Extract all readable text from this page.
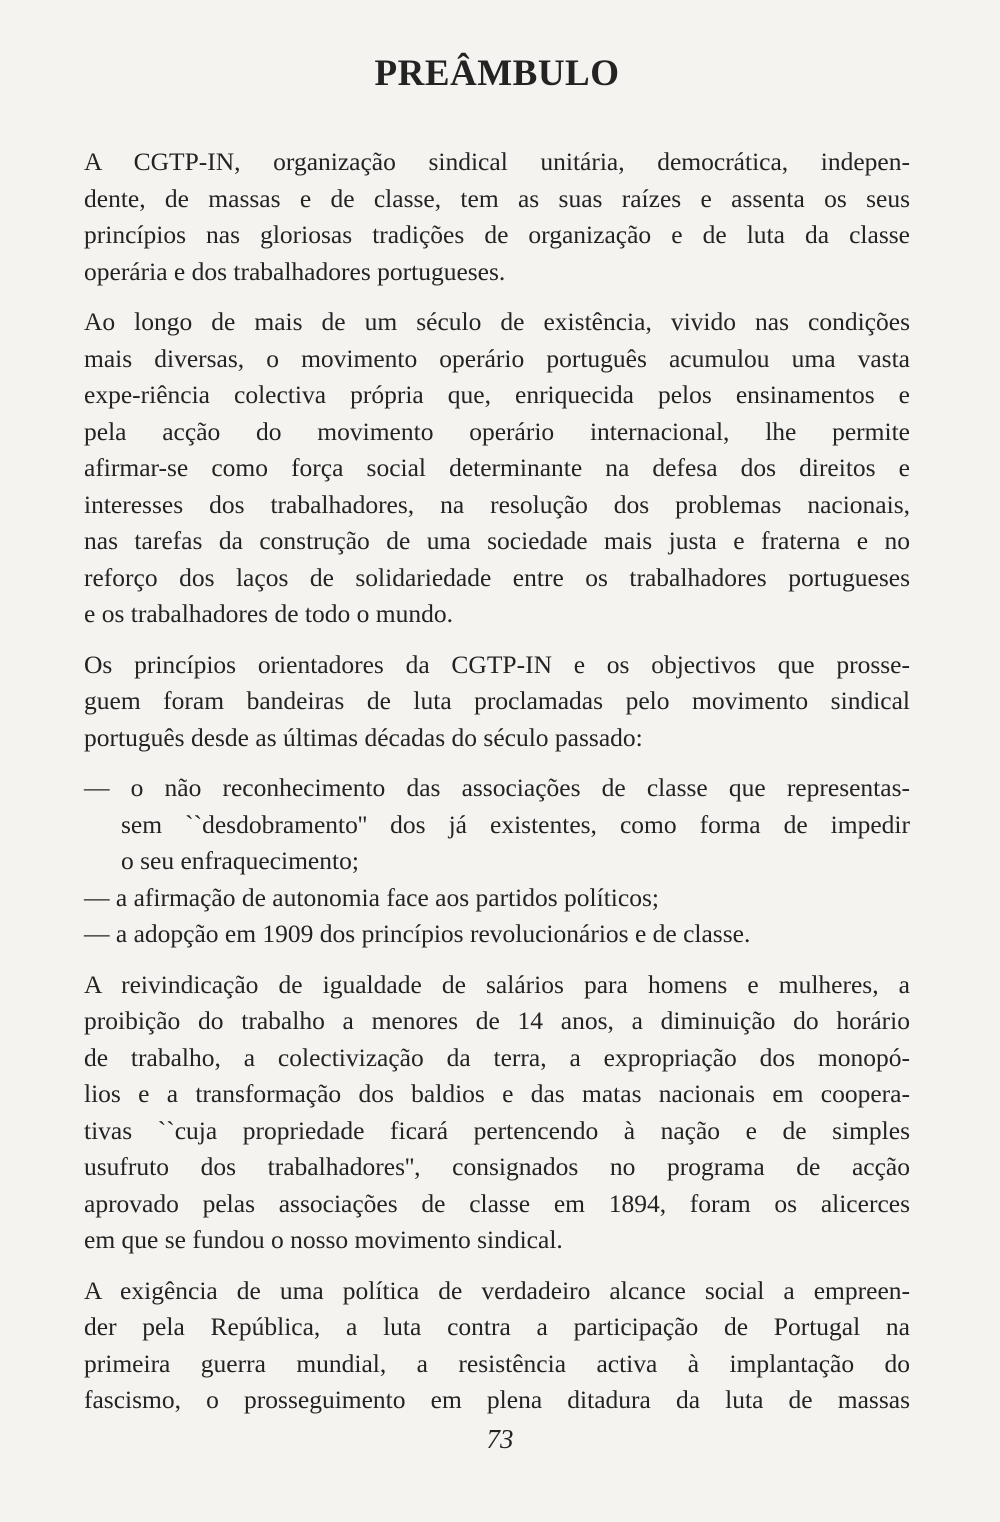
PREÂMBULO
A CGTP-IN, organização sindical unitária, democrática, indepen-
dente, de massas e de classe, tem as suas raízes e assenta os seus
princípios nas gloriosas tradições de organização e de luta da classe
operária e dos trabalhadores portugueses.
Ao longo de mais de um século de existência, vivido nas condições
mais diversas, o movimento operário português acumulou uma vasta
expe-riência colectiva própria que, enriquecida pelos ensinamentos e
pela acção do movimento operário internacional, lhe permite
afirmar-se como força social determinante na defesa dos direitos e
interesses dos trabalhadores, na resolução dos problemas nacionais,
nas tarefas da construção de uma sociedade mais justa e fraterna e no
reforço dos laços de solidariedade entre os trabalhadores portugueses
e os trabalhadores de todo o mundo.
Os princípios orientadores da CGTP-IN e os objectivos que prosse-
guem foram bandeiras de luta proclamadas pelo movimento sindical
português desde as últimas décadas do século passado:
— o não reconhecimento das associações de classe que representas-
sem ``desdobramento'' dos já existentes, como forma de impedir
o seu enfraquecimento;
— a afirmação de autonomia face aos partidos políticos;
— a adopção em 1909 dos princípios revolucionários e de classe.
A reivindicação de igualdade de salários para homens e mulheres, a
proibição do trabalho a menores de 14 anos, a diminuição do horário
de trabalho, a colectivização da terra, a expropriação dos monopó-
lios e a transformação dos baldios e das matas nacionais em coopera-
tivas ``cuja propriedade ficará pertencendo à nação e de simples
usufruto dos trabalhadores'', consignados no programa de acção
aprovado pelas associações de classe em 1894, foram os alicerces
em que se fundou o nosso movimento sindical.
A exigência de uma política de verdadeiro alcance social a empreen-
der pela República, a luta contra a participação de Portugal na
primeira guerra mundial, a resistência activa à implantação do
fascismo, o prosseguimento em plena ditadura da luta de massas
73
